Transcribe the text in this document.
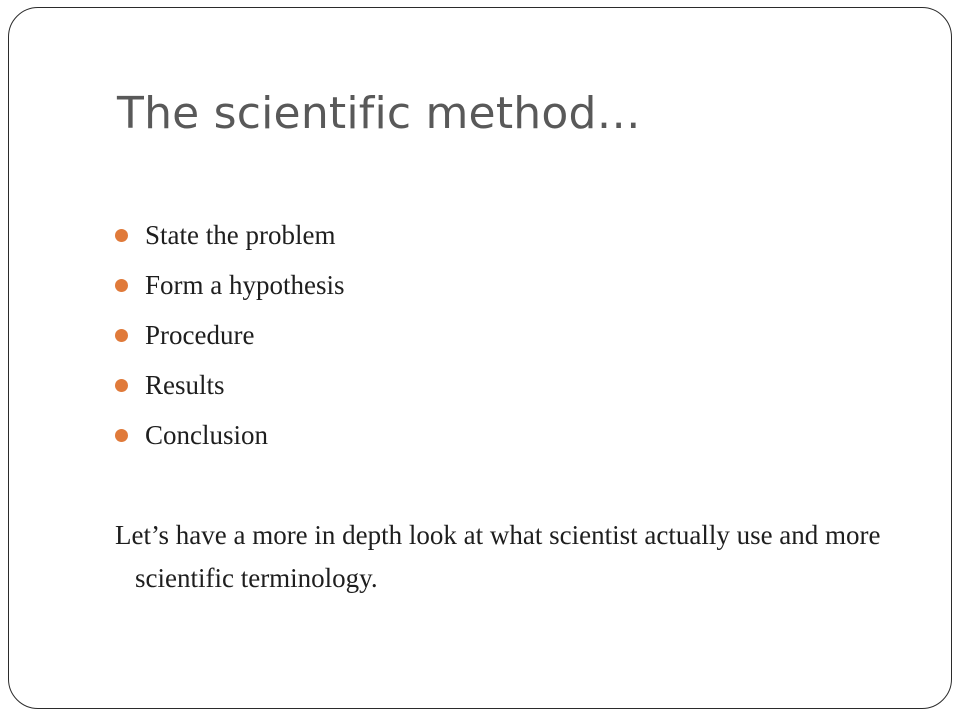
The scientific method…
State the problem
Form a hypothesis
Procedure
Results
Conclusion

Let’s have a more in depth look at what scientist actually use and more scientific terminology.
